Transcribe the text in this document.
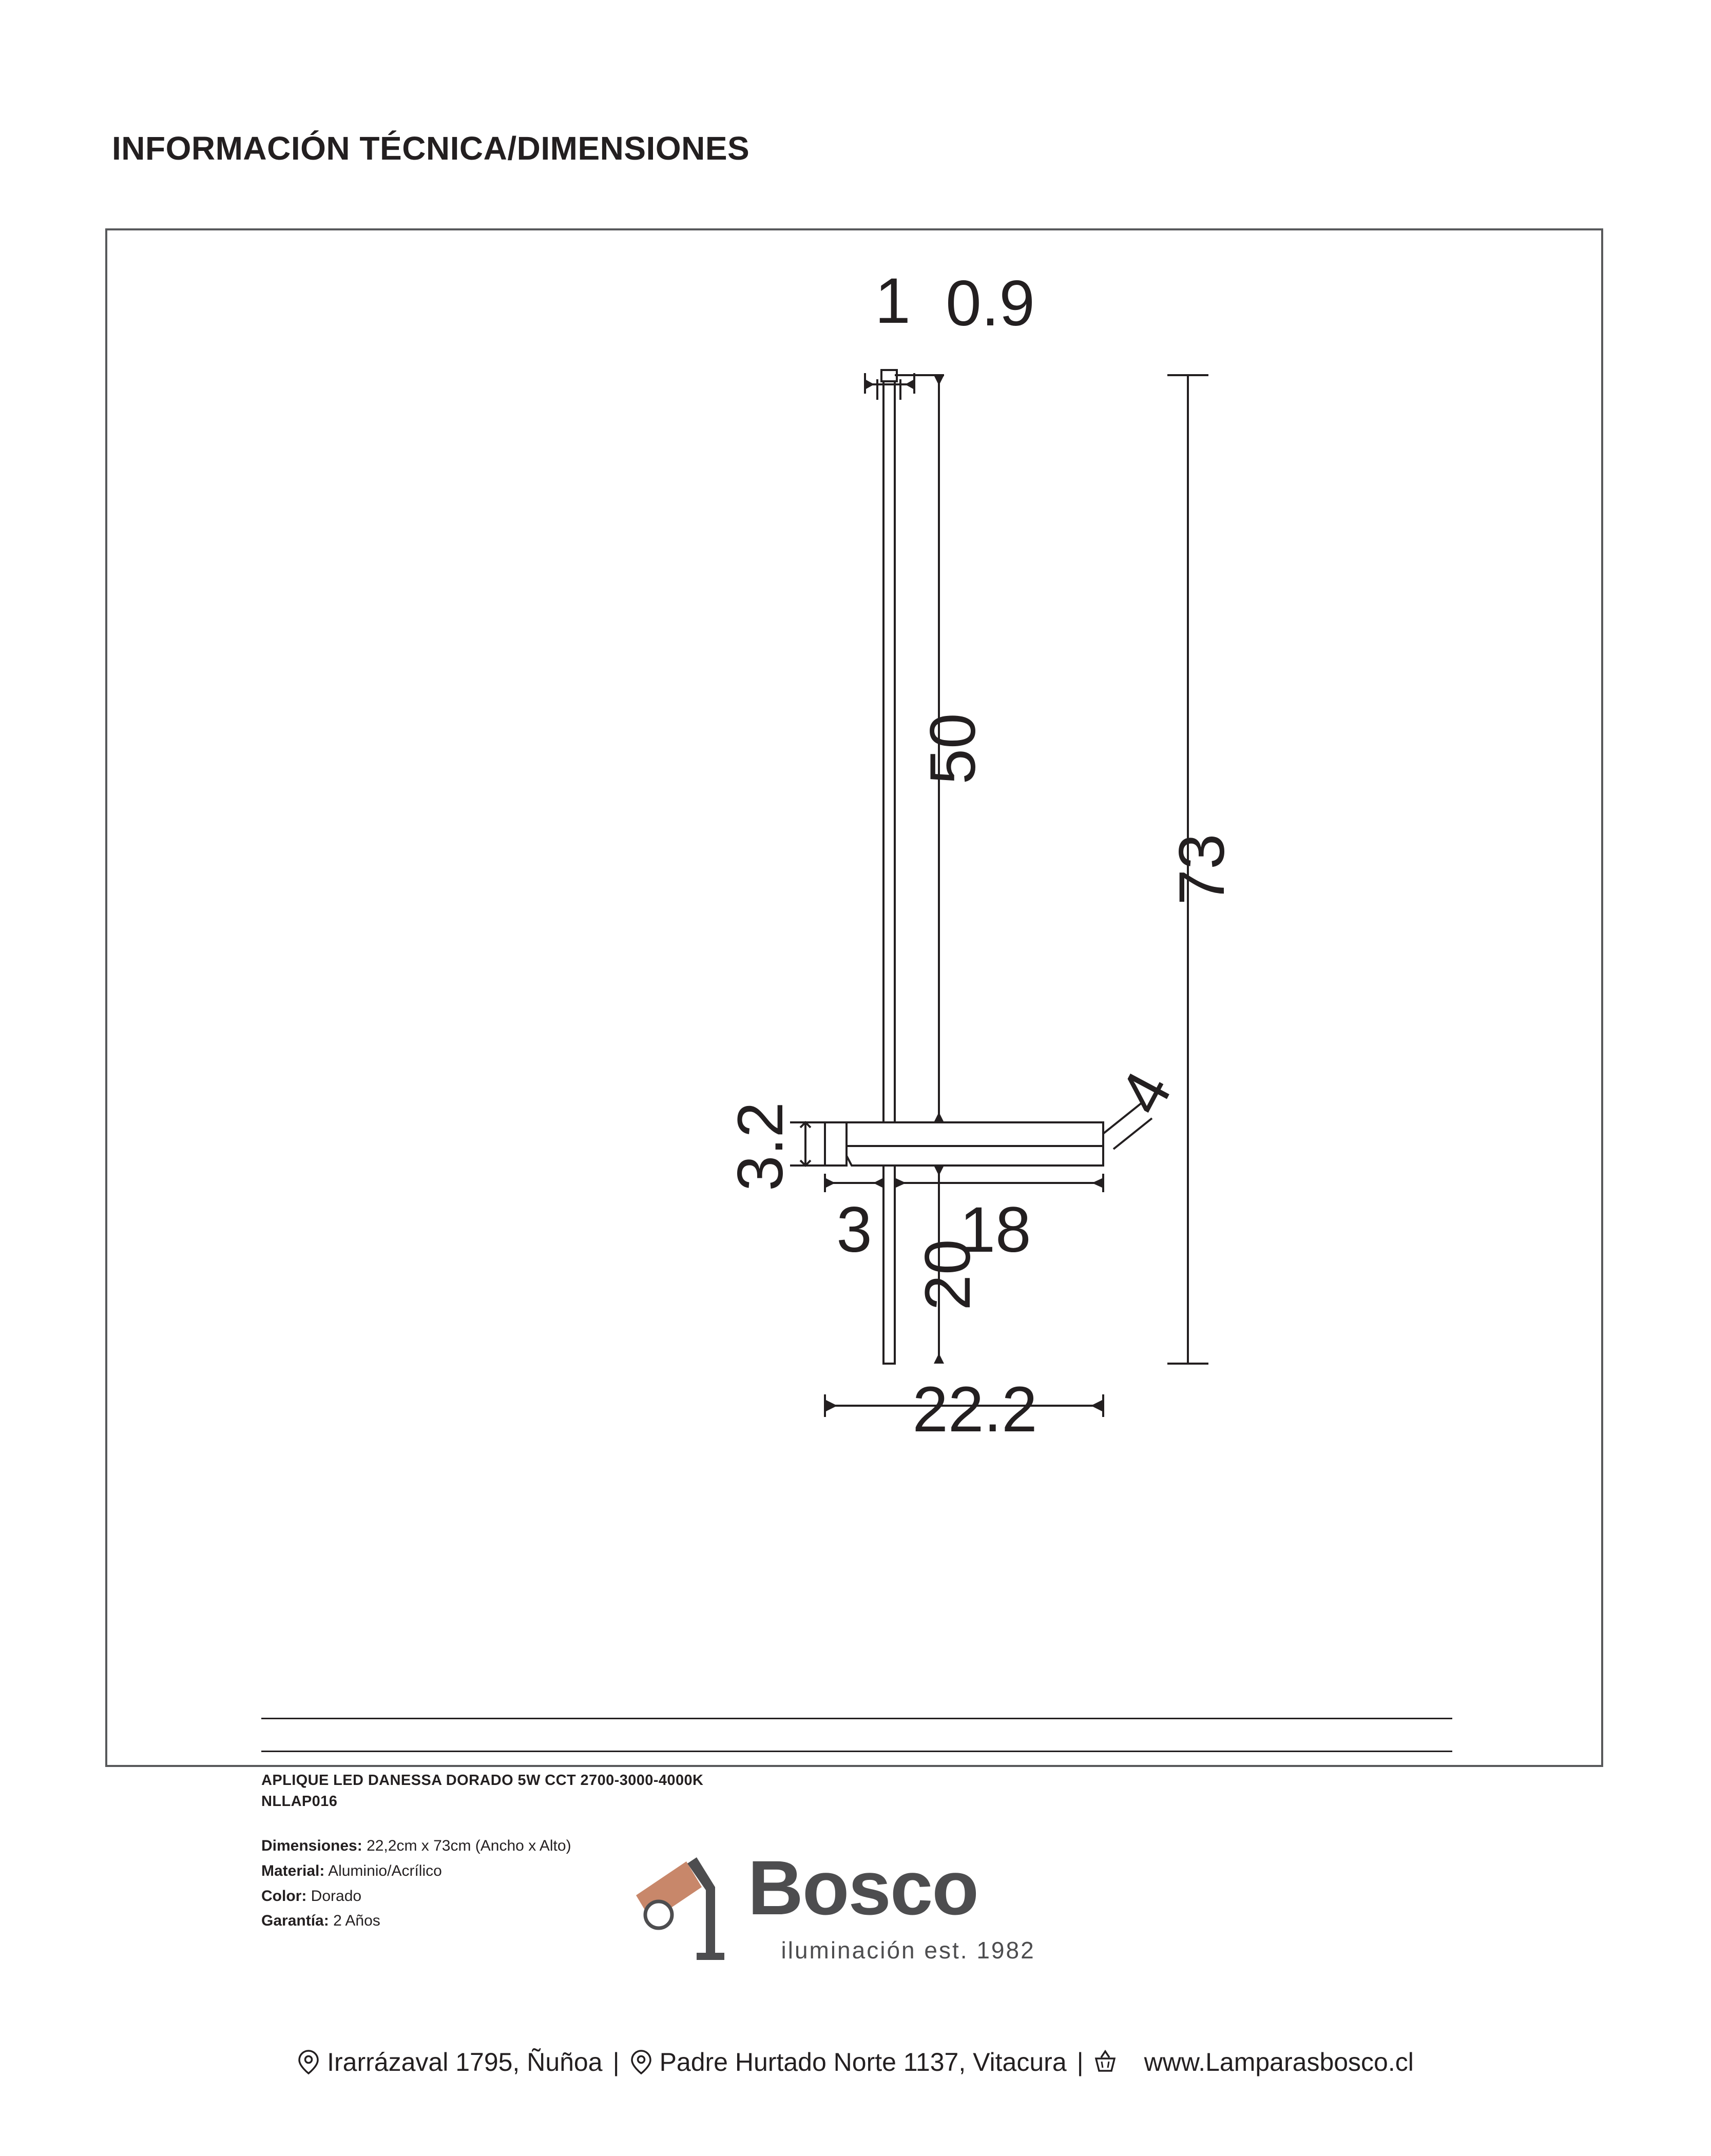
INFORMACIÓN TÉCNICA/DIMENSIONES
1 0.9
50
73
4
3.2
3 18
20
22.2
APLIQUE LED DANESSA DORADO 5W CCT 2700-3000-4000K
NLLAP016
Dimensiones: 22,2cm x 73cm (Ancho x Alto)
Material: Aluminio/Acrílico
Color: Dorado
Garantía: 2 Años	Bosco
iluminación est. 1982
Irarrázaval 1795, Ñuñoa | Padre Hurtado Norte 1137, Vitacura | www.Lamparasbosco.cl
